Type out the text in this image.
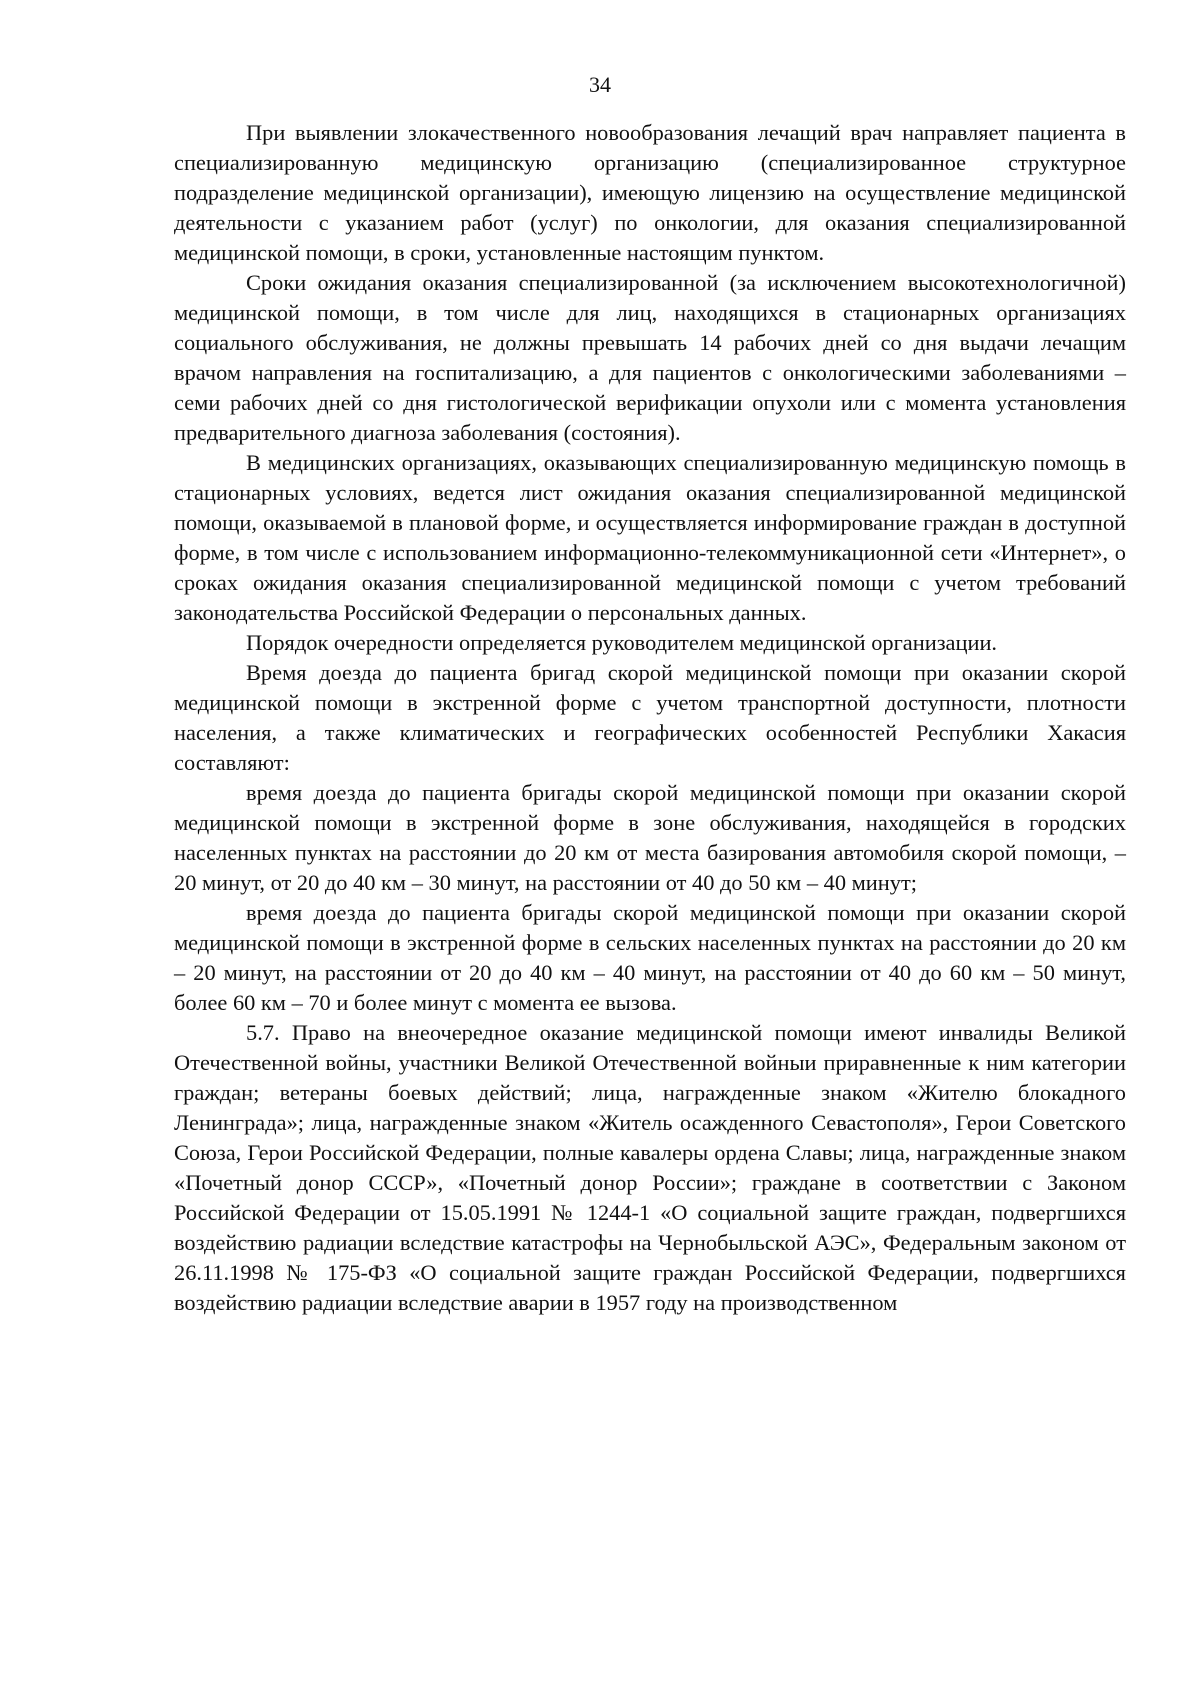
34

При выявлении злокачественного новообразования лечащий врач направляет пациента в специализированную медицинскую организацию (специализированное структурное подразделение медицинской организации), имеющую лицензию на осуществление медицинской деятельности с указанием работ (услуг) по онкологии, для оказания специализированной медицинской помощи, в сроки, установленные настоящим пунктом.

Сроки ожидания оказания специализированной (за исключением высокотехнологичной) медицинской помощи, в том числе для лиц, находящихся в стационарных организациях социального обслуживания, не должны превышать 14 рабочих дней со дня выдачи лечащим врачом направления на госпитализацию, а для пациентов с онкологическими заболеваниями – семи рабочих дней со дня гистологической верификации опухоли или с момента установления предварительного диагноза заболевания (состояния).

В медицинских организациях, оказывающих специализированную медицинскую помощь в стационарных условиях, ведется лист ожидания оказания специализированной медицинской помощи, оказываемой в плановой форме, и осуществляется информирование граждан в доступной форме, в том числе с использованием информационно-телекоммуникационной сети «Интернет», о сроках ожидания оказания специализированной медицинской помощи с учетом требований законодательства Российской Федерации о персональных данных.

Порядок очередности определяется руководителем медицинской организации.

Время доезда до пациента бригад скорой медицинской помощи при оказании скорой медицинской помощи в экстренной форме с учетом транспортной доступности, плотности населения, а также климатических и географических особенностей Республики Хакасия составляют:

время доезда до пациента бригады скорой медицинской помощи при оказании скорой медицинской помощи в экстренной форме в зоне обслуживания, находящейся в городских населенных пунктах на расстоянии до 20 км от места базирования автомобиля скорой помощи, – 20 минут, от 20 до 40 км – 30 минут, на расстоянии от 40 до 50 км – 40 минут;

время доезда до пациента бригады скорой медицинской помощи при оказании скорой медицинской помощи в экстренной форме в сельских населенных пунктах на расстоянии до 20 км – 20 минут, на расстоянии от 20 до 40 км – 40 минут, на расстоянии от 40 до 60 км – 50 минут, более 60 км – 70 и более минут с момента ее вызова.

5.7. Право на внеочередное оказание медицинской помощи имеют инвалиды Великой Отечественной войны, участники Великой Отечественной войныи приравненные к ним категории граждан; ветераны боевых действий; лица, награжденные знаком «Жителю блокадного Ленинграда»; лица, награжденные знаком «Житель осажденного Севастополя», Герои Советского Союза, Герои Российской Федерации, полные кавалеры ордена Славы; лица, награжденные знаком «Почетный донор СССР», «Почетный донор России»; граждане в соответствии с Законом Российской Федерации от 15.05.1991 № 1244-1 «О социальной защите граждан, подвергшихся воздействию радиации вследствие катастрофы на Чернобыльской АЭС», Федеральным законом от 26.11.1998 № 175-ФЗ «О социальной защите граждан Российской Федерации, подвергшихся воздействию радиации вследствие аварии в 1957 году на производственном
